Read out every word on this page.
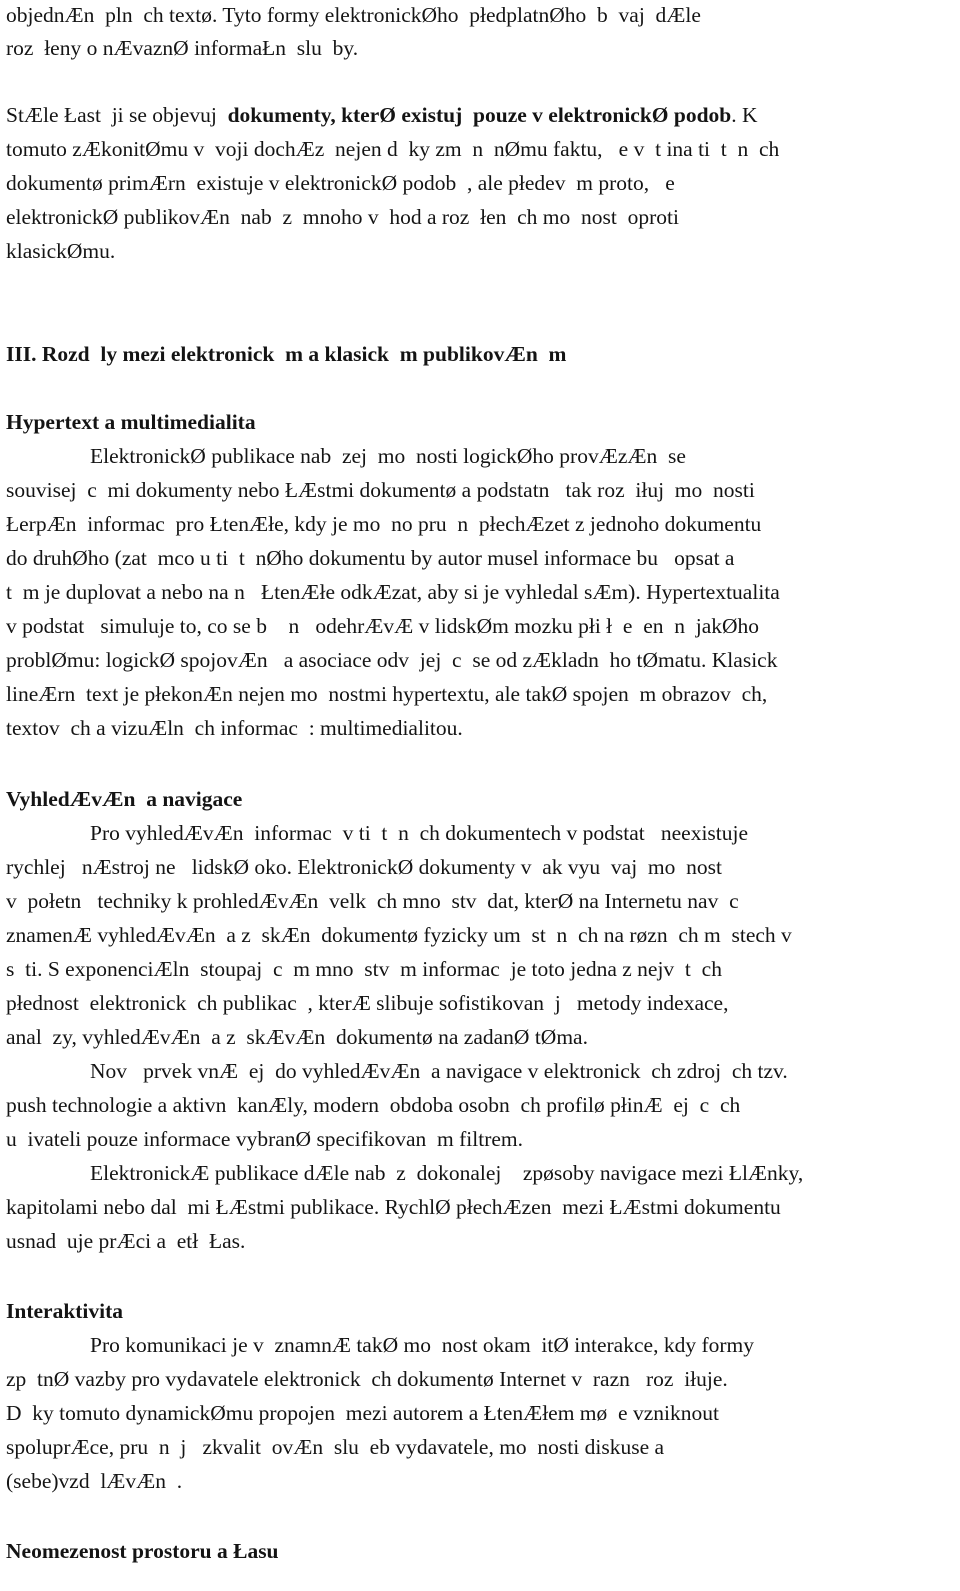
objednÆn  pln  ch textø. Tyto formy elektronickØho  płedplatnØho  b  vaj  dÆle
roz  łeny o nÆvaznØ informaŁn  slu  by.
StÆle Łast  ji se objevuj  dokumenty, kterØ existuj  pouze v elektronickØ podob. K
tomuto zÆkonitØmu v  voji dochÆz  nejen d  ky zm  n  nØmu faktu,   e v  t ina ti  t  n  ch
dokumentø primÆrn  existuje v elektronickØ podob  , ale płedev  m proto,   e
elektronickØ publikovÆn  nab  z  mnoho v  hod a roz  łen  ch mo  nost  oproti
klasickØmu.
III. Rozd  ly mezi elektronick  m a klasick  m publikovÆn  m
Hypertext a multimedialita
ElektronickØ publikace nab  zej  mo  nosti logickØho provÆzÆn  se
souvisej  c  mi dokumenty nebo ŁÆstmi dokumentø a podstatn   tak roz  iłuj  mo  nosti
ŁerpÆn  informac  pro ŁtenÆłe, kdy je mo  no pru  n  płechÆzet z jednoho dokumentu
do druhØho (zat  mco u ti  t  nØho dokumentu by autor musel informace bu   opsat a
t  m je duplovat a nebo na n   ŁtenÆłe odkÆzat, aby si je vyhledal sÆm). Hypertextualita
v podstat   simuluje to, co se b    n   odehrÆvÆ v lidskØm mozku płi ł  e  en  n  jakØho
problØmu: logickØ spojovÆn   a asociace odv  jej  c  se od zÆkladn  ho tØmatu. Klasick
lineÆrn  text je płekonÆn nejen mo  nostmi hypertextu, ale takØ spojen  m obrazov  ch,
textov  ch a vizuÆln  ch informac  : multimedialitou.
VyhledÆvÆn  a navigace
Pro vyhledÆvÆn  informac  v ti  t  n  ch dokumentech v podstat   neexistuje
rychlej   nÆstroj ne   lidskØ oko. ElektronickØ dokumenty v  ak vyu  vaj  mo  nost
v  połetn   techniky k prohledÆvÆn  velk  ch mno  stv  dat, kterØ na Internetu nav  c
znamenÆ vyhledÆvÆn  a z  skÆn  dokumentø fyzicky um  st  n  ch na røzn  ch m  stech v
s  ti. S exponenciÆln  stoupaj  c  m mno  stv  m informac  je toto jedna z nejv  t  ch
płednost  elektronick  ch publikac  , kterÆ slibuje sofistikovan  j   metody indexace,
anal  zy, vyhledÆvÆn  a z  skÆvÆn  dokumentø na zadanØ tØma.
Nov   prvek vnÆ  ej  do vyhledÆvÆn  a navigace v elektronick  ch zdroj  ch tzv.
push technologie a aktivn  kanÆly, modern  obdoba osobn  ch profilø płinÆ  ej  c  ch
u  ivateli pouze informace vybranØ specifikovan  m filtrem.
ElektronickÆ publikace dÆle nab  z  dokonalej    zpøsoby navigace mezi ŁlÆnky,
kapitolami nebo dal  mi ŁÆstmi publikace. RychlØ płechÆzen  mezi ŁÆstmi dokumentu
usnad  uje prÆci a  etł  Łas.
Interaktivita
Pro komunikaci je v  znamnÆ takØ mo  nost okam  itØ interakce, kdy formy
zp  tnØ vazby pro vydavatele elektronick  ch dokumentø Internet v  razn   roz  iłuje.
D  ky tomuto dynamickØmu propojen  mezi autorem a ŁtenÆłem mø  e vzniknout
spoluprÆce, pru  n  j   zkvalit  ovÆn  slu  eb vydavatele, mo  nosti diskuse a
(sebe)vzd  lÆvÆn  .
Neomezenost prostoru a Łasu
